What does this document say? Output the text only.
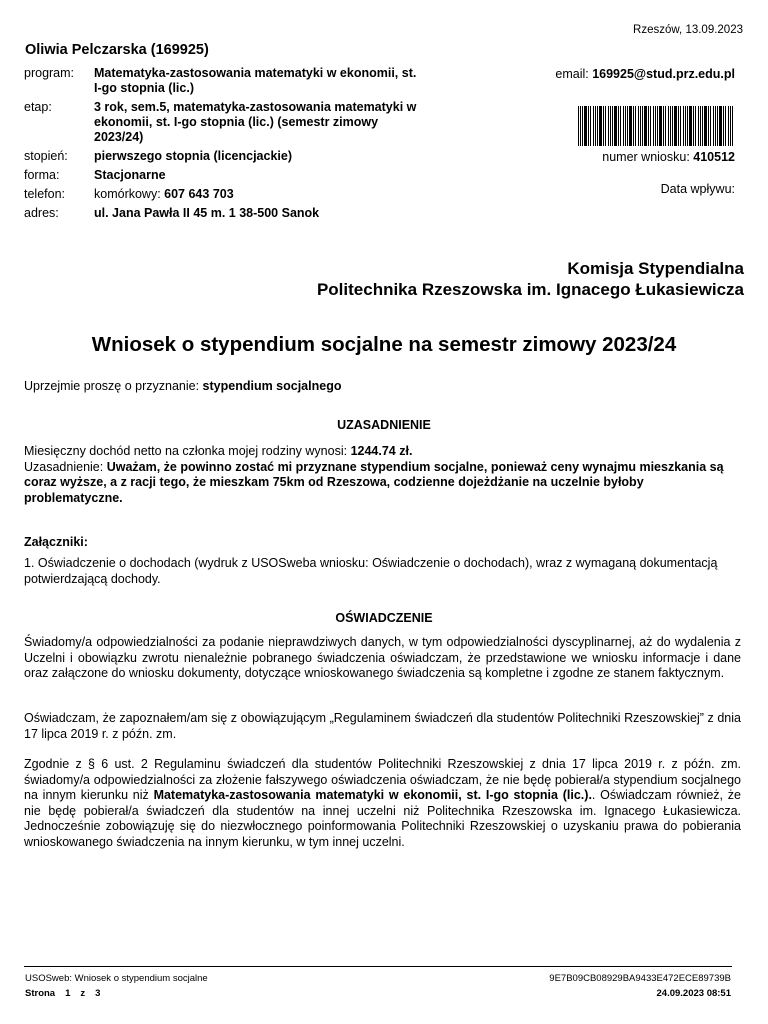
Rzeszów, 13.09.2023
Oliwia Pelczarska (169925)
program:	Matematyka-zastosowania matematyki w ekonomii, st. I-go stopnia (lic.)
etap:	3 rok, sem.5, matematyka-zastosowania matematyki w ekonomii, st. I-go stopnia (lic.) (semestr zimowy 2023/24)
stopień:	pierwszego stopnia (licencjackie)
forma:	Stacjonarne
telefon:	komórkowy: 607 643 703
adres:	ul. Jana Pawła II 45 m. 1 38-500 Sanok
email: 169925@stud.prz.edu.pl
numer wniosku: 410512
Data wpływu:
Komisja Stypendialna
Politechnika Rzeszowska im. Ignacego Łukasiewicza
Wniosek o stypendium socjalne na semestr zimowy 2023/24
Uprzejmie proszę o przyznanie: stypendium socjalnego
UZASADNIENIE
Miesięczny dochód netto na członka mojej rodziny wynosi: 1244.74 zł.
Uzasadnienie: Uważam, że powinno zostać mi przyznane stypendium socjalne, ponieważ ceny wynajmu mieszkania są coraz wyższe, a z racji tego, że mieszkam 75km od Rzeszowa, codzienne dojeżdżanie na uczelnie byłoby problematyczne.
Załączniki:
1. Oświadczenie o dochodach (wydruk z USOSweba wniosku: Oświadczenie o dochodach), wraz z wymaganą dokumentacją potwierdzającą dochody.
OŚWIADCZENIE
Świadomy/a odpowiedzialności za podanie nieprawdziwych danych, w tym odpowiedzialności dyscyplinarnej, aż do wydalenia z Uczelni i obowiązku zwrotu nienależnie pobranego świadczenia oświadczam, że przedstawione we wniosku informacje i dane oraz załączone do wniosku dokumenty, dotyczące wnioskowanego świadczenia są kompletne i zgodne ze stanem faktycznym.
Oświadczam, że zapoznałem/am się z obowiązującym „Regulaminem świadczeń dla studentów Politechniki Rzeszowskiej” z dnia 17 lipca 2019 r. z późn. zm.
Zgodnie z § 6 ust. 2 Regulaminu świadczeń dla studentów Politechniki Rzeszowskiej z dnia 17 lipca 2019 r. z późn. zm. świadomy/a odpowiedzialności za złożenie fałszywego oświadczenia oświadczam, że nie będę pobierał/a stypendium socjalnego na innym kierunku niż Matematyka-zastosowania matematyki w ekonomii, st. I-go stopnia (lic.).. Oświadczam również, że nie będę pobierał/a świadczeń dla studentów na innej uczelni niż Politechnika Rzeszowska im. Ignacego Łukasiewicza. Jednocześnie zobowiązuję się do niezwłocznego poinformowania Politechniki Rzeszowskiej o uzyskaniu prawa do pobierania wnioskowanego świadczenia na innym kierunku, w tym innej uczelni.
USOSweb: Wniosek o stypendium socjalne
Strona 1 z 3
9E7B09CB08929BA9433E472ECE89739B
24.09.2023 08:51
